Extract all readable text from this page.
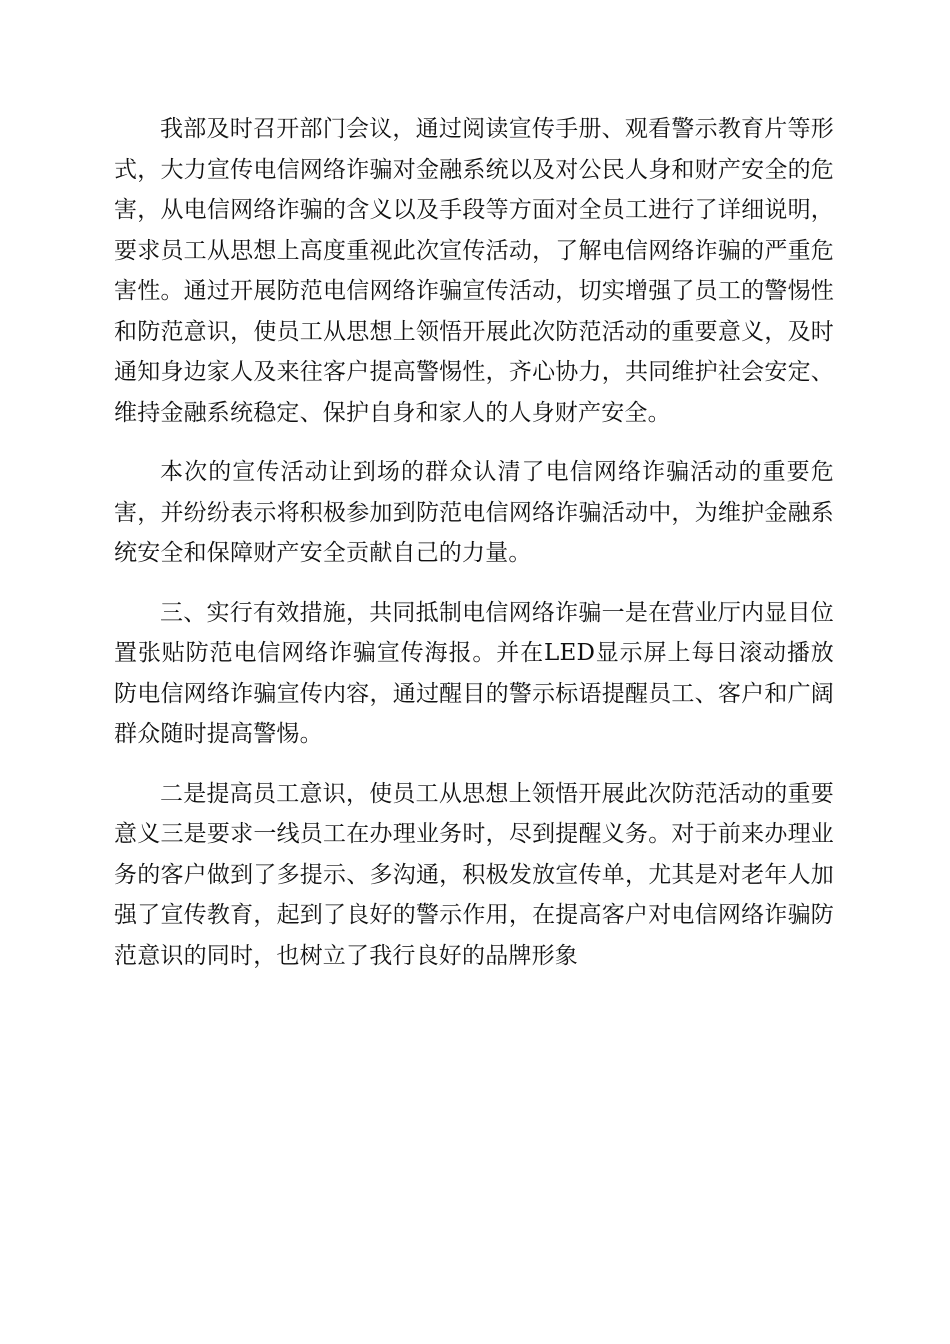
我部及时召开部门会议，通过阅读宣传手册、观看警示教育片等形式，大力宣传电信网络诈骗对金融系统以及对公民人身和财产安全的危害，从电信网络诈骗的含义以及手段等方面对全员工进行了详细说明，要求员工从思想上高度重视此次宣传活动，了解电信网络诈骗的严重危害性。通过开展防范电信网络诈骗宣传活动，切实增强了员工的警惕性和防范意识，使员工从思想上领悟开展此次防范活动的重要意义，及时通知身边家人及来往客户提高警惕性，齐心协力，共同维护社会安定、维持金融系统稳定、保护自身和家人的人身财产安全。

本次的宣传活动让到场的群众认清了电信网络诈骗活动的重要危害，并纷纷表示将积极参加到防范电信网络诈骗活动中，为维护金融系统安全和保障财产安全贡献自己的力量。

三、实行有效措施，共同抵制电信网络诈骗一是在营业厅内显目位置张贴防范电信网络诈骗宣传海报。并在LED显示屏上每日滚动播放防电信网络诈骗宣传内容，通过醒目的警示标语提醒员工、客户和广阔群众随时提高警惕。

二是提高员工意识，使员工从思想上领悟开展此次防范活动的重要意义三是要求一线员工在办理业务时，尽到提醒义务。对于前来办理业务的客户做到了多提示、多沟通，积极发放宣传单，尤其是对老年人加强了宣传教育，起到了良好的警示作用，在提高客户对电信网络诈骗防范意识的同时，也树立了我行良好的品牌形象
